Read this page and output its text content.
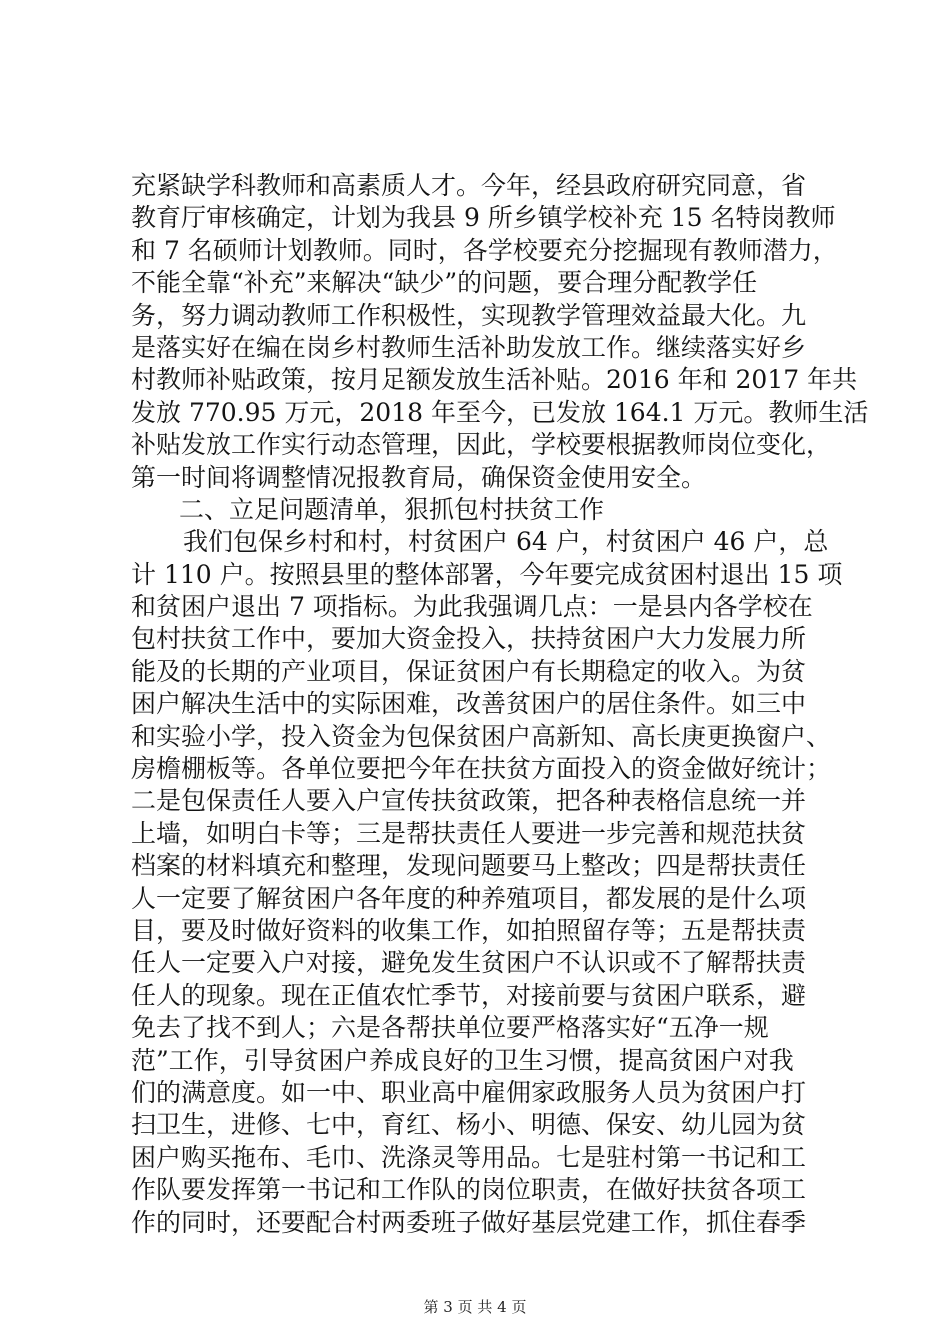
充紧缺学科教师和高素质人才。今年，经县政府研究同意，省
教育厅审核确定，计划为我县 9 所乡镇学校补充 15 名特岗教师
和 7 名硕师计划教师。同时，各学校要充分挖掘现有教师潜力，
不能全靠“补充”来解决“缺少”的问题，要合理分配教学任
务，努力调动教师工作积极性，实现教学管理效益最大化。九
是落实好在编在岗乡村教师生活补助发放工作。继续落实好乡
村教师补贴政策，按月足额发放生活补贴。2016 年和 2017 年共
发放 770.95 万元，2018 年至今，已发放 164.1 万元。教师生活
补贴发放工作实行动态管理，因此，学校要根据教师岗位变化，
第一时间将调整情况报教育局，确保资金使用安全。
二、立足问题清单，狠抓包村扶贫工作
我们包保乡村和村，村贫困户 64 户，村贫困户 46 户，总
计 110 户。按照县里的整体部署，今年要完成贫困村退出 15 项
和贫困户退出 7 项指标。为此我强调几点：一是县内各学校在
包村扶贫工作中，要加大资金投入，扶持贫困户大力发展力所
能及的长期的产业项目，保证贫困户有长期稳定的收入。为贫
困户解决生活中的实际困难，改善贫困户的居住条件。如三中
和实验小学，投入资金为包保贫困户高新知、高长庚更换窗户、
房檐棚板等。各单位要把今年在扶贫方面投入的资金做好统计；
二是包保责任人要入户宣传扶贫政策，把各种表格信息统一并
上墙，如明白卡等；三是帮扶责任人要进一步完善和规范扶贫
档案的材料填充和整理，发现问题要马上整改；四是帮扶责任
人一定要了解贫困户各年度的种养殖项目，都发展的是什么项
目，要及时做好资料的收集工作，如拍照留存等；五是帮扶责
任人一定要入户对接，避免发生贫困户不认识或不了解帮扶责
任人的现象。现在正值农忙季节，对接前要与贫困户联系，避
免去了找不到人；六是各帮扶单位要严格落实好“五净一规
范”工作，引导贫困户养成良好的卫生习惯，提高贫困户对我
们的满意度。如一中、职业高中雇佣家政服务人员为贫困户打
扫卫生，进修、七中，育红、杨小、明德、保安、幼儿园为贫
困户购买拖布、毛巾、洗涤灵等用品。七是驻村第一书记和工
作队要发挥第一书记和工作队的岗位职责，在做好扶贫各项工
作的同时，还要配合村两委班子做好基层党建工作，抓住春季
第 3 页 共 4 页
